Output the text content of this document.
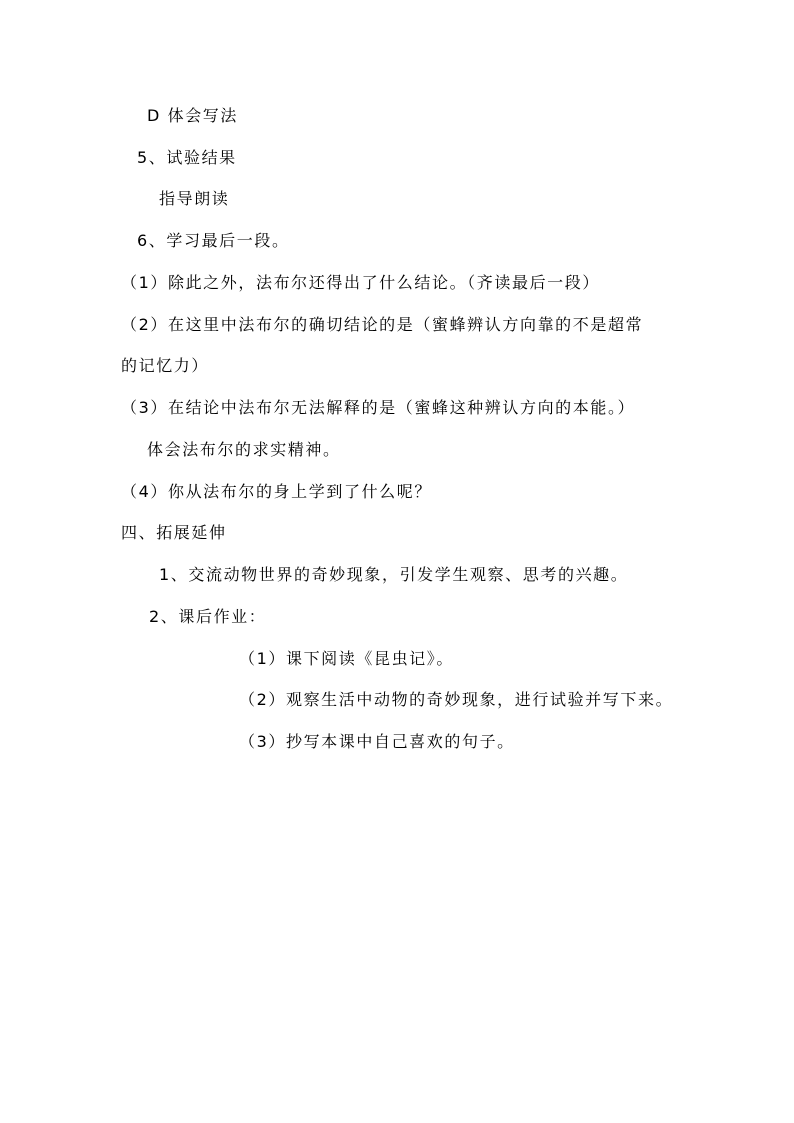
D 体会写法
5、试验结果
指导朗读
6、学习最后一段。
（1）除此之外，法布尔还得出了什么结论。（齐读最后一段）
（2）在这里中法布尔的确切结论的是（蜜蜂辨认方向靠的不是超常
的记忆力）
（3）在结论中法布尔无法解释的是（蜜蜂这种辨认方向的本能。）
体会法布尔的求实精神。
（4）你从法布尔的身上学到了什么呢？
四、拓展延伸
1、交流动物世界的奇妙现象，引发学生观察、思考的兴趣。
2、课后作业：
（1）课下阅读《昆虫记》。
（2）观察生活中动物的奇妙现象，进行试验并写下来。
（3）抄写本课中自己喜欢的句子。
